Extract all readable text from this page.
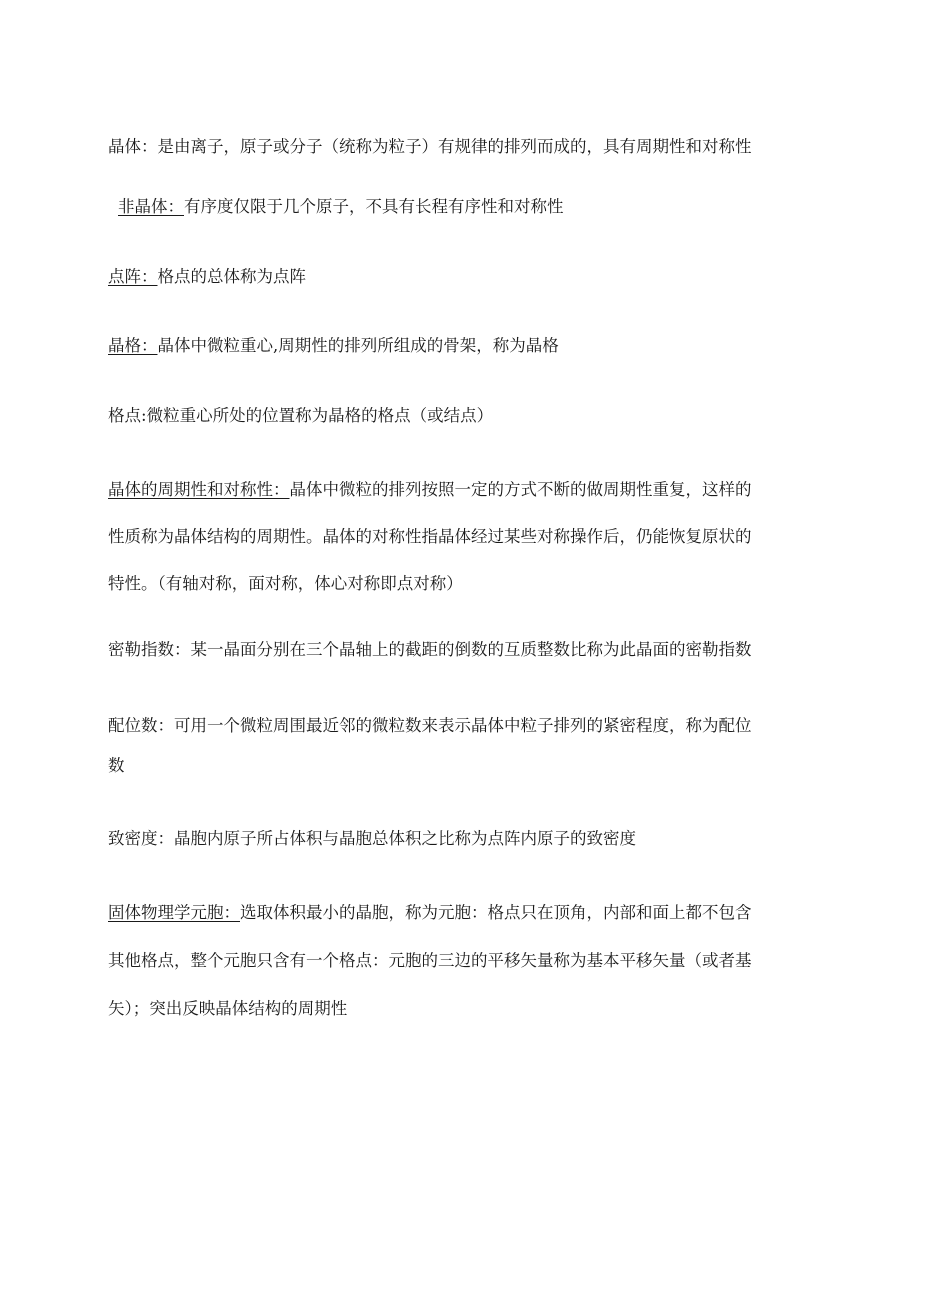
晶体：是由离子，原子或分子（统称为粒子）有规律的排列而成的，具有周期性和对称性

非晶体：有序度仅限于几个原子，不具有长程有序性和对称性

点阵：格点的总体称为点阵

晶格：晶体中微粒重心,周期性的排列所组成的骨架，称为晶格

格点:微粒重心所处的位置称为晶格的格点（或结点）

晶体的周期性和对称性：晶体中微粒的排列按照一定的方式不断的做周期性重复，这样的
性质称为晶体结构的周期性。晶体的对称性指晶体经过某些对称操作后，仍能恢复原状的
特性。（有轴对称，面对称，体心对称即点对称）

密勒指数：某一晶面分别在三个晶轴上的截距的倒数的互质整数比称为此晶面的密勒指数

配位数：可用一个微粒周围最近邻的微粒数来表示晶体中粒子排列的紧密程度，称为配位
数

致密度：晶胞内原子所占体积与晶胞总体积之比称为点阵内原子的致密度

固体物理学元胞：选取体积最小的晶胞，称为元胞：格点只在顶角，内部和面上都不包含
其他格点，整个元胞只含有一个格点：元胞的三边的平移矢量称为基本平移矢量（或者基
矢）；突出反映晶体结构的周期性
